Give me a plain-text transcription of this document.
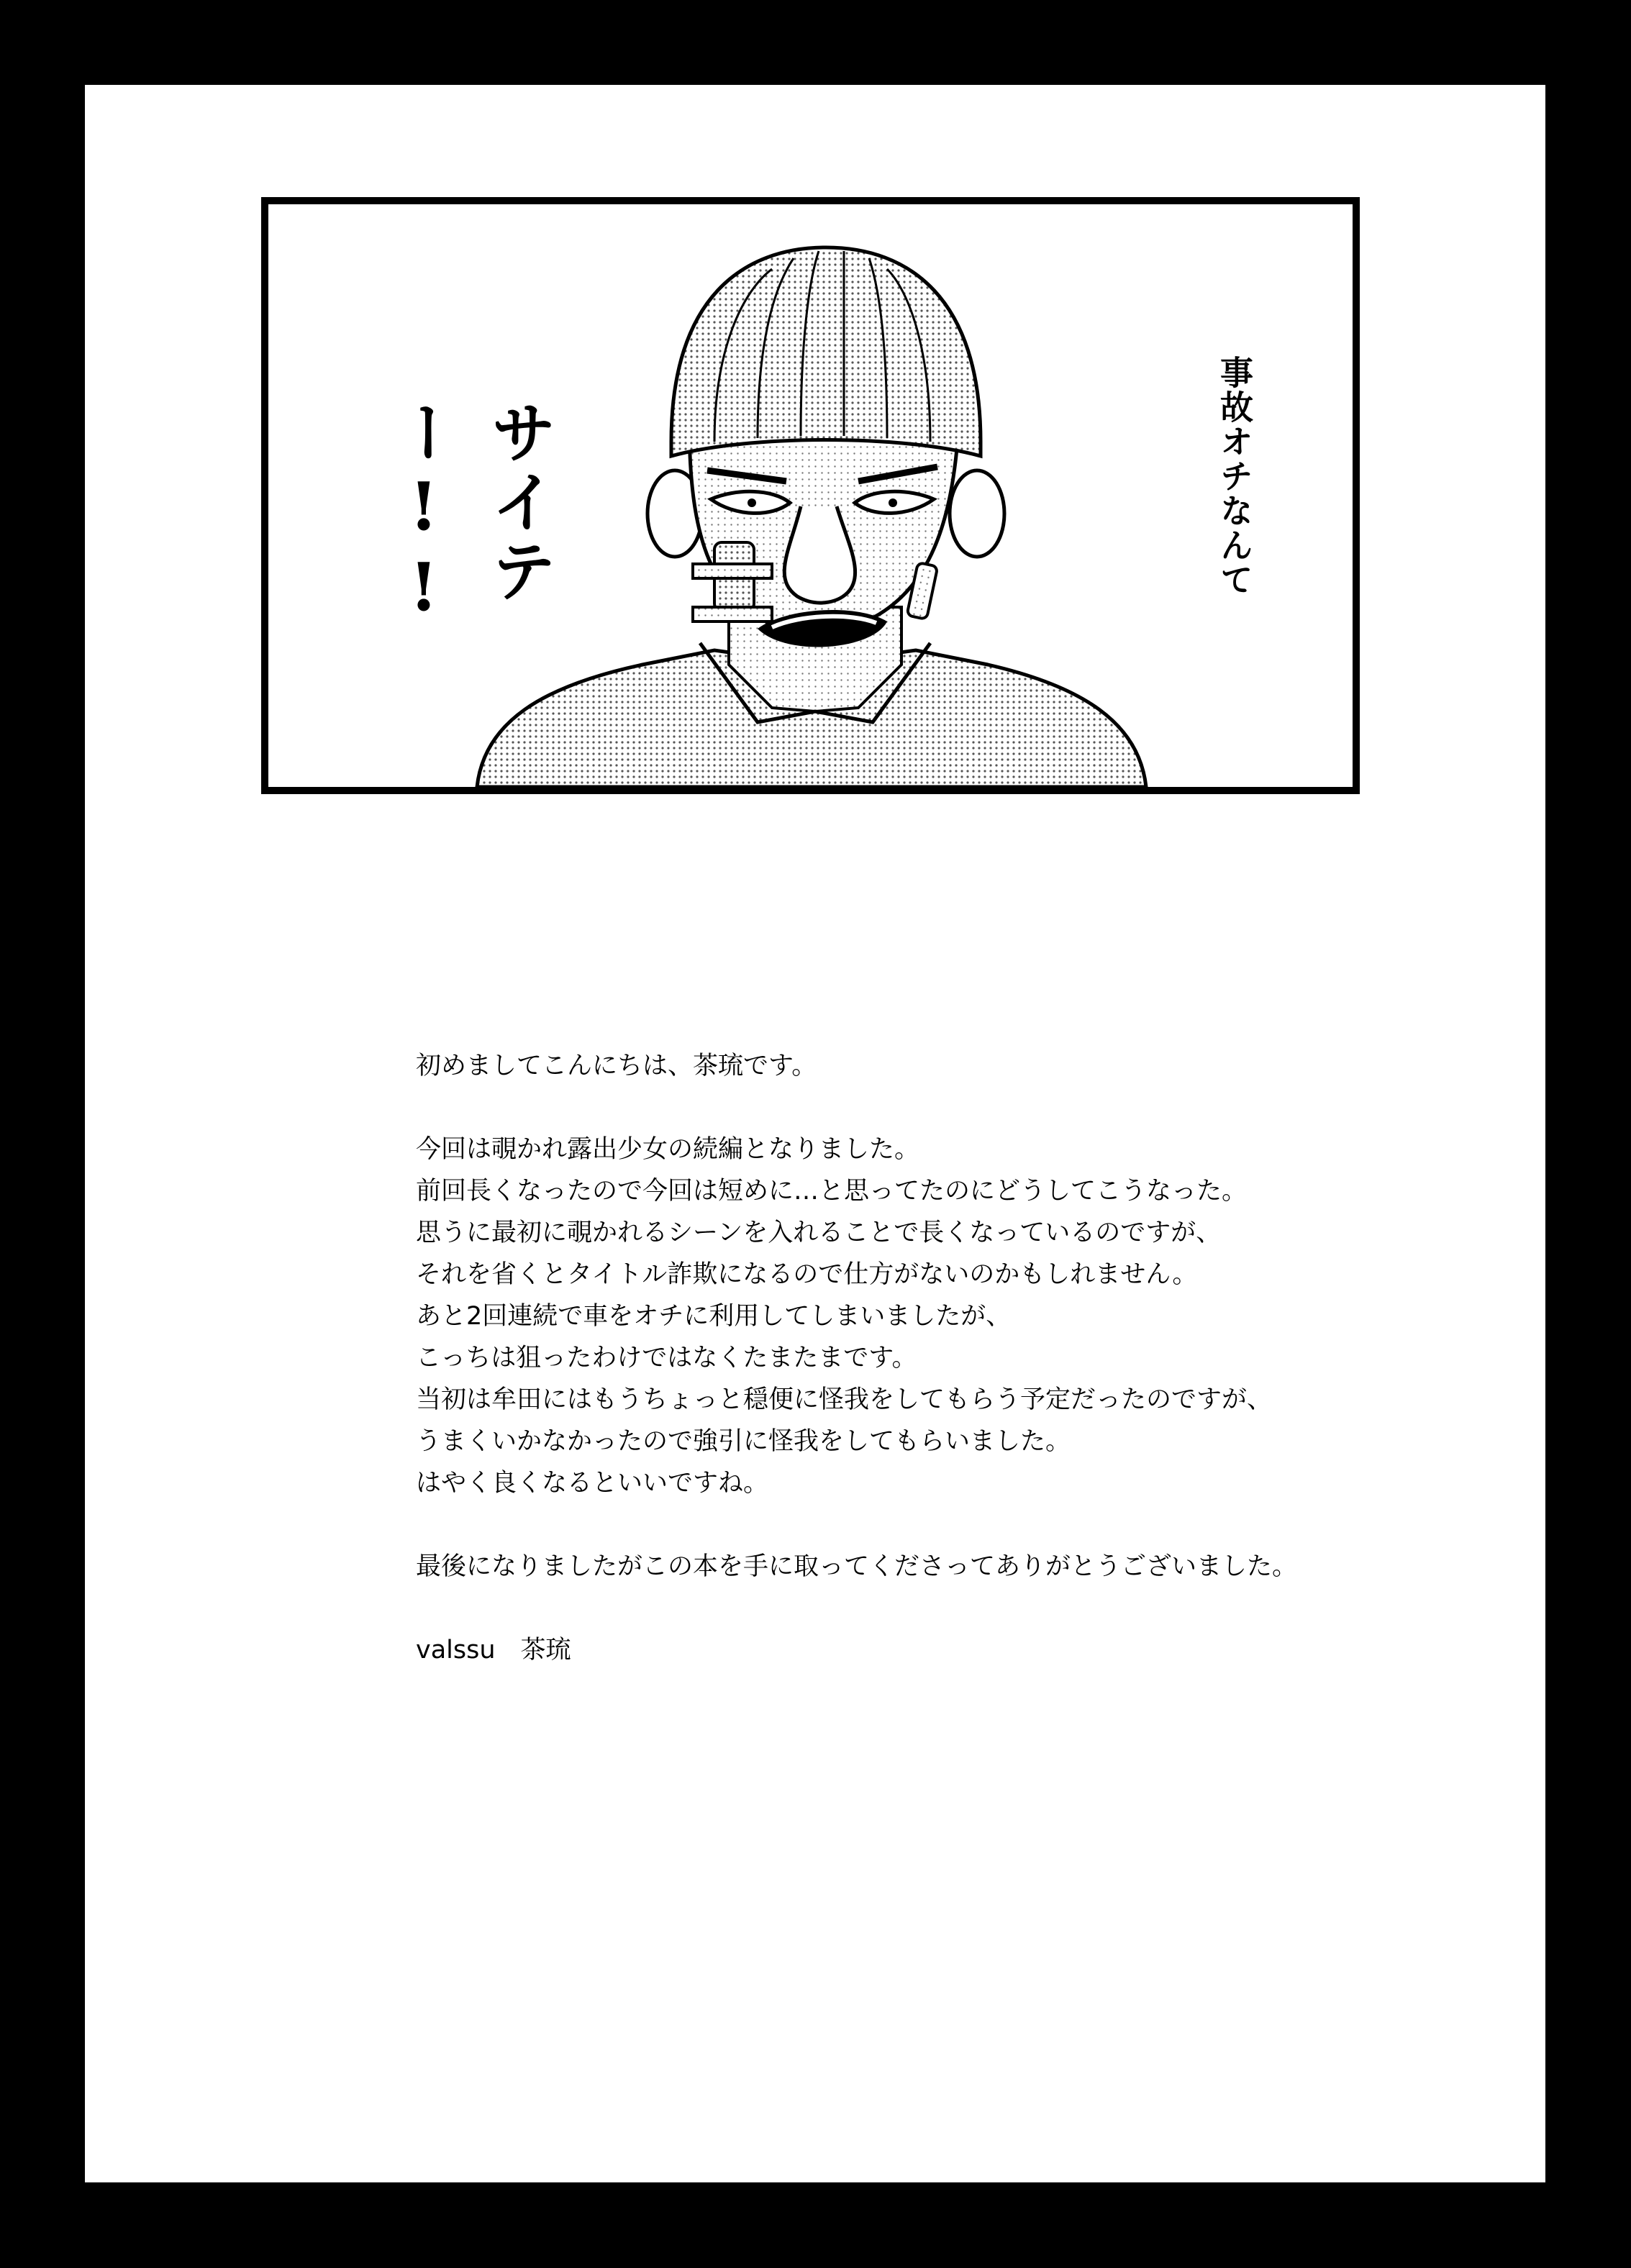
事故オチなんて
サイテー!!

初めましてこんにちは、茶琉です。

今回は覗かれ露出少女の続編となりました。

前回長くなったので今回は短めに…と思ってたのにどうしてこうなった。

思うに最初に覗かれるシーンを入れることで長くなっているのですが、

それを省くとタイトル詐欺になるので仕方がないのかもしれません。

あと2回連続で車をオチに利用してしまいましたが、

こっちは狙ったわけではなくたまたまです。

当初は牟田にはもうちょっと穏便に怪我をしてもらう予定だったのですが、

うまくいかなかったので強引に怪我をしてもらいました。

はやく良くなるといいですね。

最後になりましたがこの本を手に取ってくださってありがとうございました。

valssu　茶琉

93
